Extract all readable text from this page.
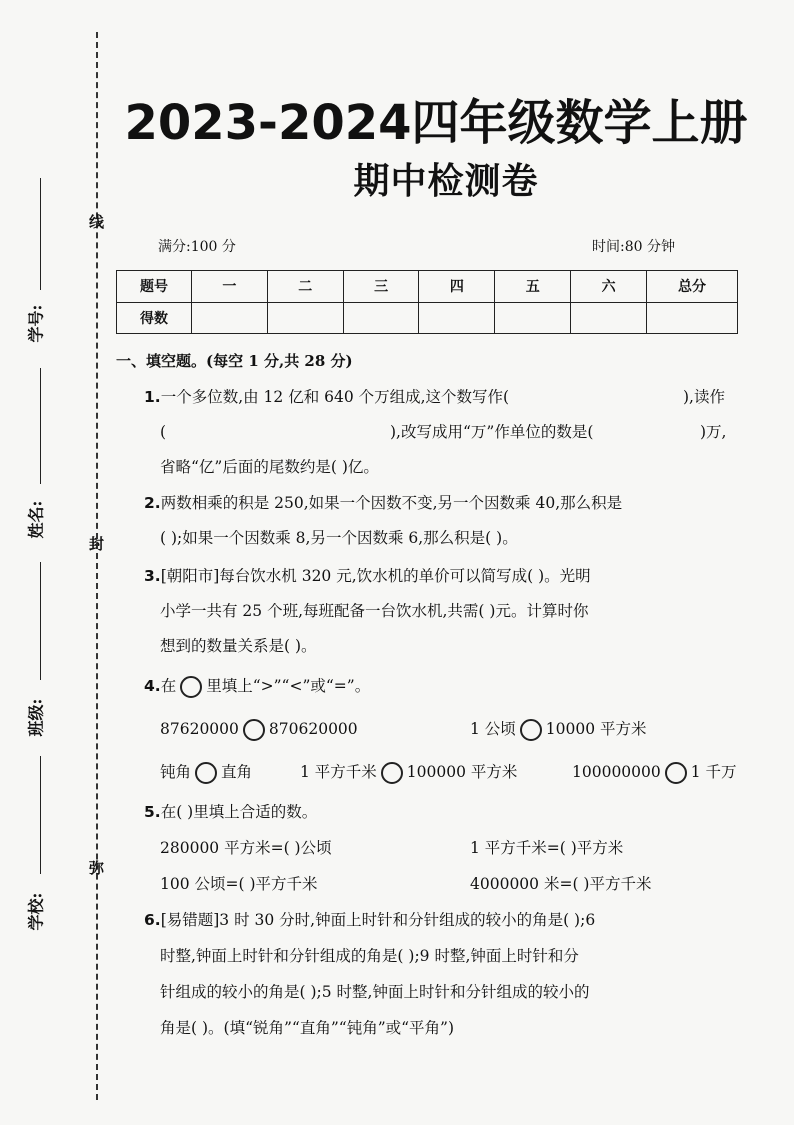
线
封
弥
学号:
姓名:
班级:
学校:
2023-2024四年级数学上册
期中检测卷
满分:100 分	时间:80 分钟
题号	一	二	三	四	五	六	总分
得数							
一、填空题。(每空 1 分,共 28 分)
1.一个多位数,由 12 亿和 640 个万组成,这个数写作(	),读作
(	),改写成用“万”作单位的数是(	)万,
省略“亿”后面的尾数约是( )亿。
2.两数相乘的积是 250,如果一个因数不变,另一个因数乘 40,那么积是
( );如果一个因数乘 8,另一个因数乘 6,那么积是( )。
3.[朝阳市]每台饮水机 320 元,饮水机的单价可以简写成( )。光明
小学一共有 25 个班,每班配备一台饮水机,共需( )元。计算时你
想到的数量关系是( )。
4.在 里填上“>”“<”或“=”。
87620000 870620000	1 公顷 10000 平方米
钝角 直角	1 平方千米 100000 平方米	100000000 1 千万
5.在( )里填上合适的数。
280000 平方米=( )公顷	1 平方千米=( )平方米
100 公顷=( )平方千米	4000000 米=( )平方千米
6.[易错题]3 时 30 分时,钟面上时针和分针组成的较小的角是( );6
时整,钟面上时针和分针组成的角是( );9 时整,钟面上时针和分
针组成的较小的角是( );5 时整,钟面上时针和分针组成的较小的
角是( )。(填“锐角”“直角”“钝角”或“平角”)
